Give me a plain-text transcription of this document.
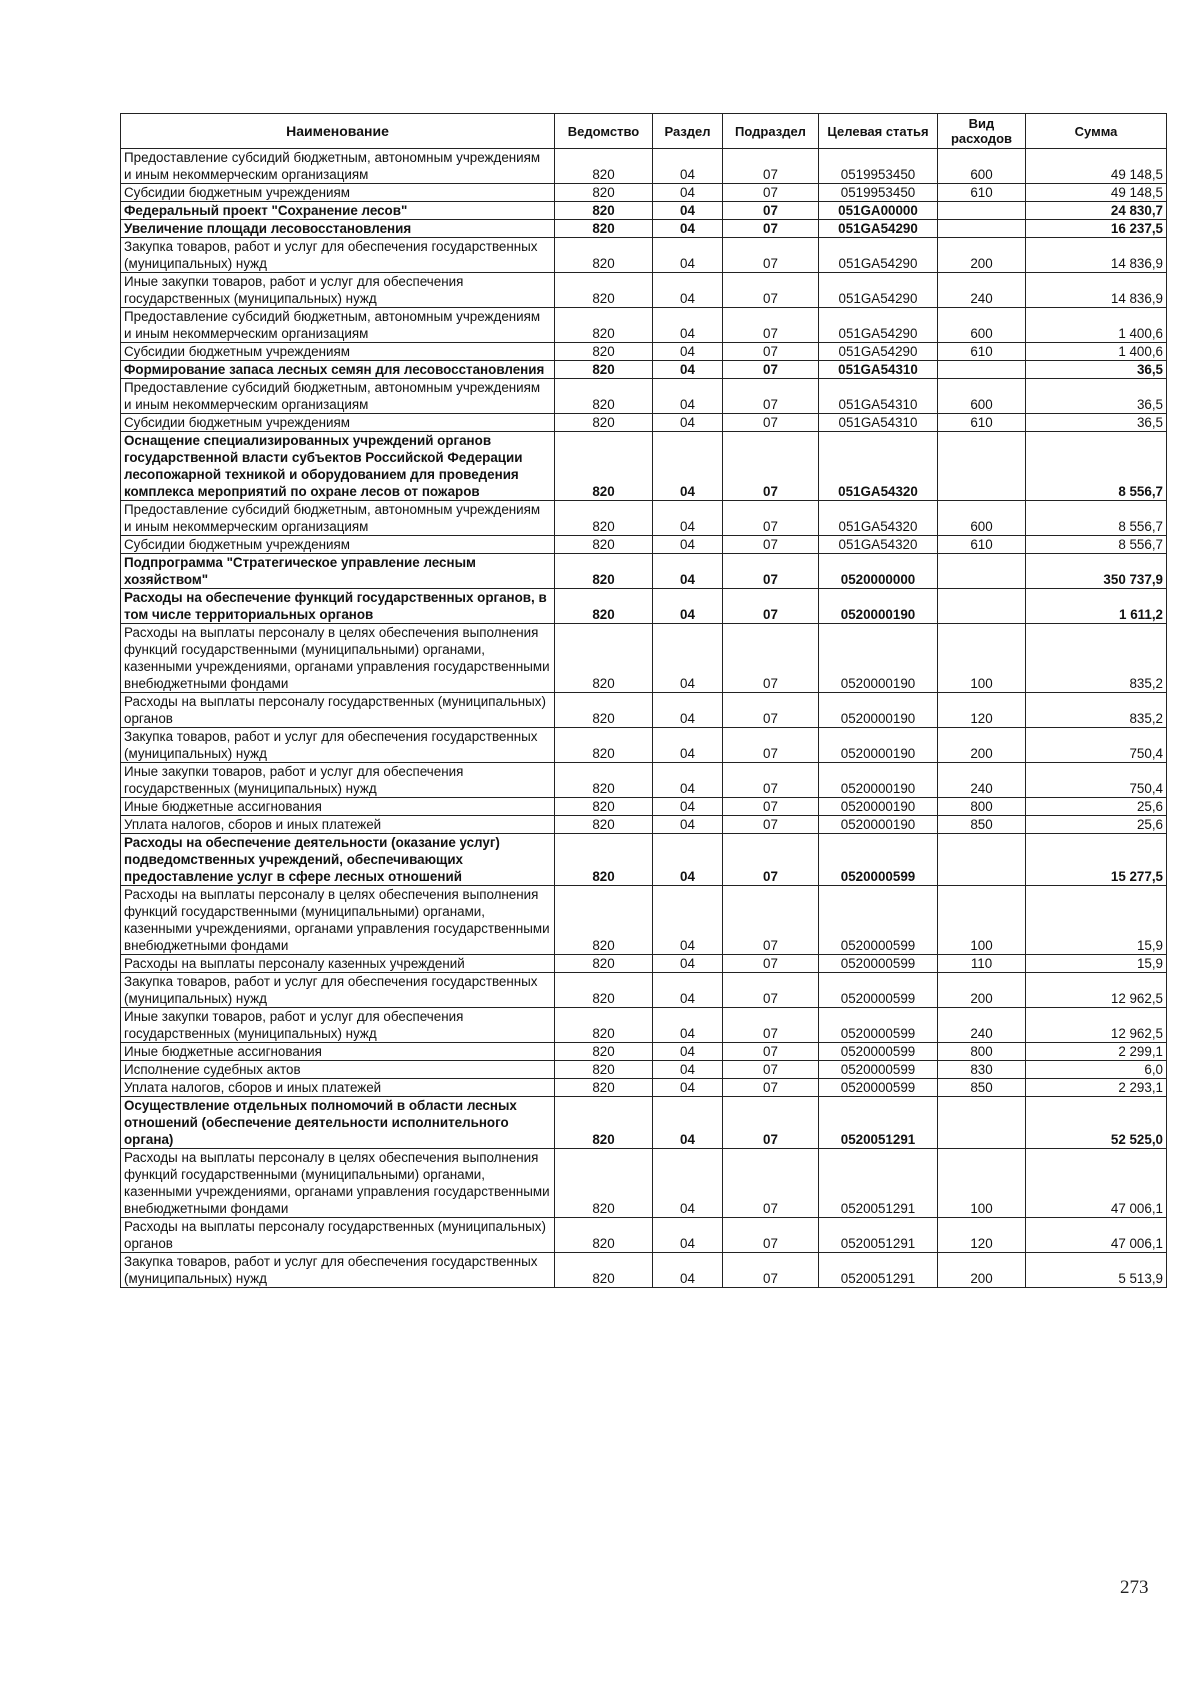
Наименование	Ведомство	Раздел	Подраздел	Целевая статья	Вид расходов	Сумма
Предоставление субсидий бюджетным, автономным учреждениям и иным некоммерческим организациям	820	04	07	0519953450	600	49 148,5
Субсидии бюджетным учреждениям	820	04	07	0519953450	610	49 148,5
Федеральный проект "Сохранение лесов"	820	04	07	051GA00000		24 830,7
Увеличение площади лесовосстановления	820	04	07	051GA54290		16 237,5
Закупка товаров, работ и услуг для обеспечения государственных (муниципальных) нужд	820	04	07	051GA54290	200	14 836,9
Иные закупки товаров, работ и услуг для обеспечения государственных (муниципальных) нужд	820	04	07	051GA54290	240	14 836,9
Предоставление субсидий бюджетным, автономным учреждениям и иным некоммерческим организациям	820	04	07	051GA54290	600	1 400,6
Субсидии бюджетным учреждениям	820	04	07	051GA54290	610	1 400,6
Формирование запаса лесных семян для лесовосстановления	820	04	07	051GA54310		36,5
Предоставление субсидий бюджетным, автономным учреждениям и иным некоммерческим организациям	820	04	07	051GA54310	600	36,5
Субсидии бюджетным учреждениям	820	04	07	051GA54310	610	36,5
Оснащение специализированных учреждений органов государственной власти субъектов Российской Федерации лесопожарной техникой и оборудованием для проведения комплекса мероприятий по охране лесов от пожаров	820	04	07	051GA54320		8 556,7
Предоставление субсидий бюджетным, автономным учреждениям и иным некоммерческим организациям	820	04	07	051GA54320	600	8 556,7
Субсидии бюджетным учреждениям	820	04	07	051GA54320	610	8 556,7
Подпрограмма "Стратегическое управление лесным хозяйством"	820	04	07	0520000000		350 737,9
Расходы на обеспечение функций государственных органов, в том числе территориальных органов	820	04	07	0520000190		1 611,2
Расходы на выплаты персоналу в целях обеспечения выполнения функций государственными (муниципальными) органами, казенными учреждениями, органами управления государственными внебюджетными фондами	820	04	07	0520000190	100	835,2
Расходы на выплаты персоналу государственных (муниципальных) органов	820	04	07	0520000190	120	835,2
Закупка товаров, работ и услуг для обеспечения государственных (муниципальных) нужд	820	04	07	0520000190	200	750,4
Иные закупки товаров, работ и услуг для обеспечения государственных (муниципальных) нужд	820	04	07	0520000190	240	750,4
Иные бюджетные ассигнования	820	04	07	0520000190	800	25,6
Уплата налогов, сборов и иных платежей	820	04	07	0520000190	850	25,6
Расходы на обеспечение деятельности (оказание услуг) подведомственных учреждений, обеспечивающих предоставление услуг в сфере лесных отношений	820	04	07	0520000599		15 277,5
Расходы на выплаты персоналу в целях обеспечения выполнения функций государственными (муниципальными) органами, казенными учреждениями, органами управления государственными внебюджетными фондами	820	04	07	0520000599	100	15,9
Расходы на выплаты персоналу казенных учреждений	820	04	07	0520000599	110	15,9
Закупка товаров, работ и услуг для обеспечения государственных (муниципальных) нужд	820	04	07	0520000599	200	12 962,5
Иные закупки товаров, работ и услуг для обеспечения государственных (муниципальных) нужд	820	04	07	0520000599	240	12 962,5
Иные бюджетные ассигнования	820	04	07	0520000599	800	2 299,1
Исполнение судебных актов	820	04	07	0520000599	830	6,0
Уплата налогов, сборов и иных платежей	820	04	07	0520000599	850	2 293,1
Осуществление отдельных полномочий в области лесных отношений (обеспечение деятельности исполнительного органа)	820	04	07	0520051291		52 525,0
Расходы на выплаты персоналу в целях обеспечения выполнения функций государственными (муниципальными) органами, казенными учреждениями, органами управления государственными внебюджетными фондами	820	04	07	0520051291	100	47 006,1
Расходы на выплаты персоналу государственных (муниципальных) органов	820	04	07	0520051291	120	47 006,1
Закупка товаров, работ и услуг для обеспечения государственных (муниципальных) нужд	820	04	07	0520051291	200	5 513,9
273
